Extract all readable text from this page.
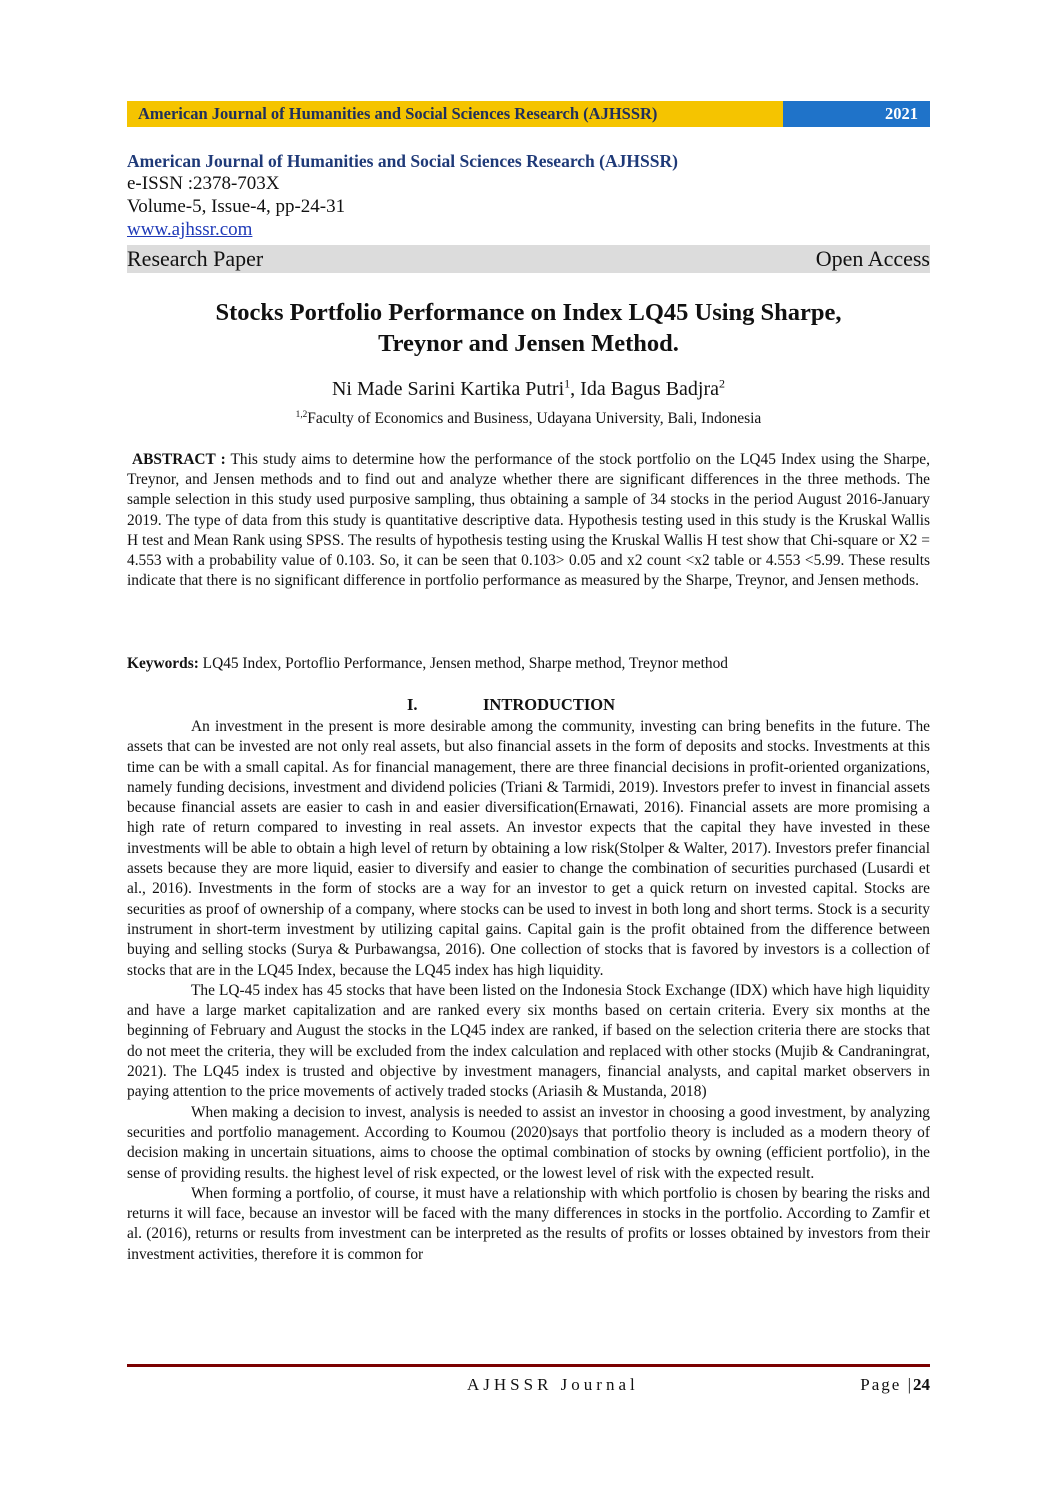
American Journal of Humanities and Social Sciences Research (AJHSSR)	2021
American Journal of Humanities and Social Sciences Research (AJHSSR)
e-ISSN :2378-703X
Volume-5, Issue-4, pp-24-31
www.ajhssr.com
Research Paper	Open Access
Stocks Portfolio Performance on Index LQ45 Using Sharpe,
Treynor and Jensen Method.
Ni Made Sarini Kartika Putri$^1$, Ida Bagus Badjra$^2$
$^{1,2}$Faculty of Economics and Business, Udayana University, Bali, Indonesia
ABSTRACT : This study aims to determine how the performance of the stock portfolio on the LQ45 Index using the Sharpe, Treynor, and Jensen methods and to find out and analyze whether there are significant differences in the three methods. The sample selection in this study used purposive sampling, thus obtaining a sample of 34 stocks in the period August 2016-January 2019. The type of data from this study is quantitative descriptive data. Hypothesis testing used in this study is the Kruskal Wallis H test and Mean Rank using SPSS. The results of hypothesis testing using the Kruskal Wallis H test show that Chi-square or X2 = 4.553 with a probability value of 0.103. So, it can be seen that 0.103> 0.05 and x2 count <x2 table or 4.553 <5.99. These results indicate that there is no significant difference in portfolio performance as measured by the Sharpe, Treynor, and Jensen methods.
Keywords: LQ45 Index, Portoflio Performance, Jensen method, Sharpe method, Treynor method
I.	INTRODUCTION

An investment in the present is more desirable among the community, investing can bring benefits in the future. The assets that can be invested are not only real assets, but also financial assets in the form of deposits and stocks. Investments at this time can be with a small capital. As for financial management, there are three financial decisions in profit-oriented organizations, namely funding decisions, investment and dividend policies (Triani & Tarmidi, 2019). Investors prefer to invest in financial assets because financial assets are easier to cash in and easier diversification(Ernawati, 2016). Financial assets are more promising a high rate of return compared to investing in real assets. An investor expects that the capital they have invested in these investments will be able to obtain a high level of return by obtaining a low risk(Stolper & Walter, 2017). Investors prefer financial assets because they are more liquid, easier to diversify and easier to change the combination of securities purchased (Lusardi et al., 2016). Investments in the form of stocks are a way for an investor to get a quick return on invested capital. Stocks are securities as proof of ownership of a company, where stocks can be used to invest in both long and short terms. Stock is a security instrument in short-term investment by utilizing capital gains. Capital gain is the profit obtained from the difference between buying and selling stocks (Surya & Purbawangsa, 2016). One collection of stocks that is favored by investors is a collection of stocks that are in the LQ45 Index, because the LQ45 index has high liquidity.

The LQ-45 index has 45 stocks that have been listed on the Indonesia Stock Exchange (IDX) which have high liquidity and have a large market capitalization and are ranked every six months based on certain criteria. Every six months at the beginning of February and August the stocks in the LQ45 index are ranked, if based on the selection criteria there are stocks that do not meet the criteria, they will be excluded from the index calculation and replaced with other stocks (Mujib & Candraningrat, 2021). The LQ45 index is trusted and objective by investment managers, financial analysts, and capital market observers in paying attention to the price movements of actively traded stocks (Ariasih & Mustanda, 2018)

When making a decision to invest, analysis is needed to assist an investor in choosing a good investment, by analyzing securities and portfolio management. According to Koumou (2020)says that portfolio theory is included as a modern theory of decision making in uncertain situations, aims to choose the optimal combination of stocks by owning (efficient portfolio), in the sense of providing results. the highest level of risk expected, or the lowest level of risk with the expected result.

When forming a portfolio, of course, it must have a relationship with which portfolio is chosen by bearing the risks and returns it will face, because an investor will be faced with the many differences in stocks in the portfolio. According to Zamfir et al. (2016), returns or results from investment can be interpreted as the results of profits or losses obtained by investors from their investment activities, therefore it is common for

AJHSSR Journal	Page |24
